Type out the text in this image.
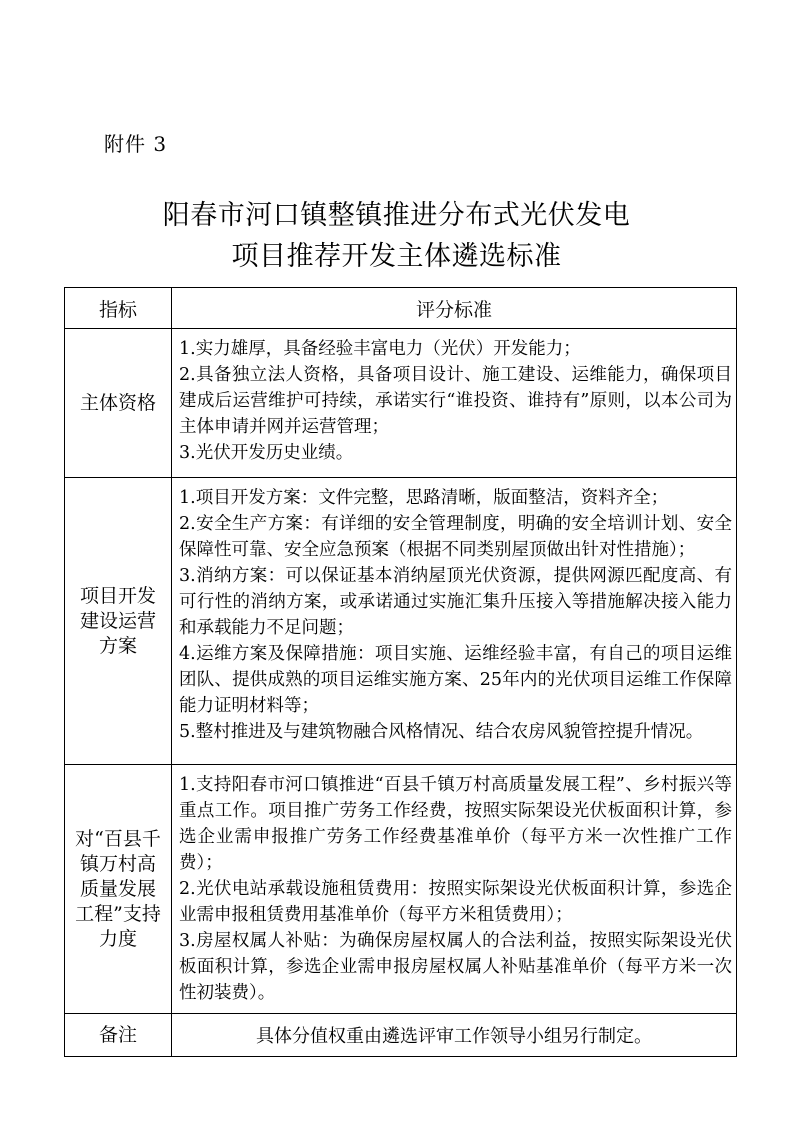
附件 3
阳春市河口镇整镇推进分布式光伏发电
项目推荐开发主体遴选标准
指标	评分标准
主体资格	1.实力雄厚，具备经验丰富电力（光伏）开发能力；
2.具备独立法人资格，具备项目设计、施工建设、运维能力，确保项目建成后运营维护可持续，承诺实行“谁投资、谁持有”原则，以本公司为主体申请并网并运营管理；
3.光伏开发历史业绩。

项目开发建设运营方案	1.项目开发方案：文件完整，思路清晰，版面整洁，资料齐全；
2.安全生产方案：有详细的安全管理制度，明确的安全培训计划、安全保障性可靠、安全应急预案（根据不同类别屋顶做出针对性措施）；
3.消纳方案：可以保证基本消纳屋顶光伏资源，提供网源匹配度高、有可行性的消纳方案，或承诺通过实施汇集升压接入等措施解决接入能力和承载能力不足问题；
4.运维方案及保障措施：项目实施、运维经验丰富，有自己的项目运维团队、提供成熟的项目运维实施方案、25年内的光伏项目运维工作保障能力证明材料等；
5.整村推进及与建筑物融合风格情况、结合农房风貌管控提升情况。

对“百县千镇万村高质量发展工程”支持力度	1.支持阳春市河口镇推进“百县千镇万村高质量发展工程”、乡村振兴等重点工作。项目推广劳务工作经费，按照实际架设光伏板面积计算，参选企业需申报推广劳务工作经费基准单价（每平方米一次性推广工作费）；
2.光伏电站承载设施租赁费用：按照实际架设光伏板面积计算，参选企业需申报租赁费用基准单价（每平方米租赁费用）；
3.房屋权属人补贴：为确保房屋权属人的合法利益，按照实际架设光伏板面积计算，参选企业需申报房屋权属人补贴基准单价（每平方米一次性初装费）。

备注	具体分值权重由遴选评审工作领导小组另行制定。
